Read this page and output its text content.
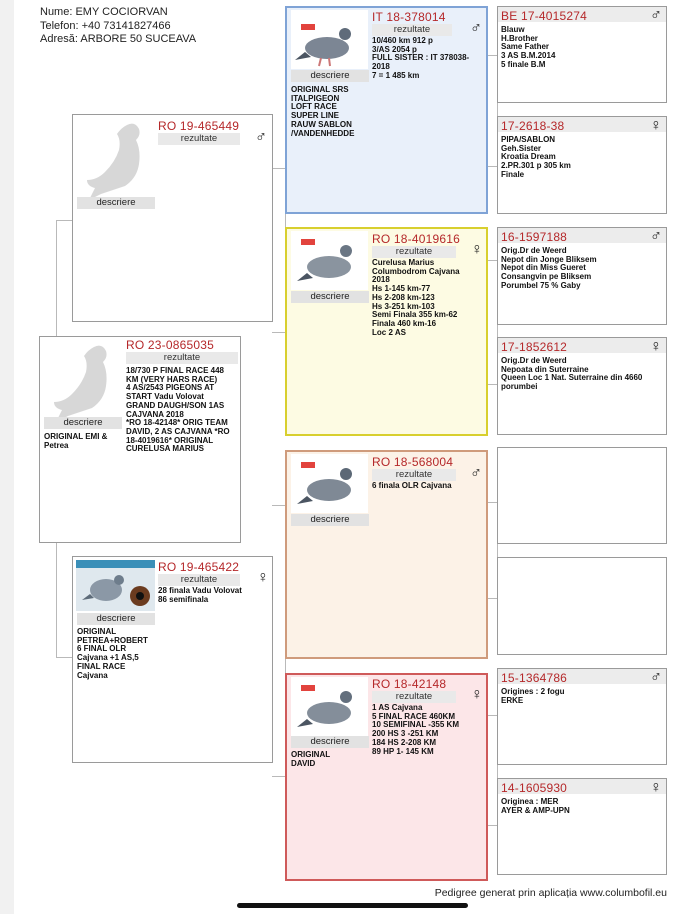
Nume: EMY COCIORVAN
Telefon: +40 73141827466
Adresă: ARBORE 50 SUCEAVA
RO 19-465449
rezultate	♂
descriere
RO 23-0865035
rezultate
18/730 P FINAL RACE 448 KM (VERY HARS RACE)
4 AS/2543 PIGEONS AT START Vadu Volovat
GRAND DAUGH/SON 1AS CAJVANA 2018
*RO 18-42148* ORIG TEAM DAVID, 2 AS CAJVANA *RO 18-4019616* ORIGINAL CURELUSA MARIUS
descriere
ORIGINAL EMI &
Petrea
RO 19-465422
rezultate	♀
28 finala Vadu Volovat
86 semifinala
descriere
ORIGINAL
PETREA+ROBERT
6 FINAL OLR
Cajvana +1 AS,5
FINAL RACE
Cajvana
IT 18-378014
rezultate	♂
10/460 km 912 p
3/AS 2054 p
FULL SISTER : IT 378038-2018
7 = 1 485 km
descriere
ORIGINAL SRS
ITALPIGEON
LOFT RACE
SUPER LINE
RAUW SABLON
/VANDENHEDDE
RO 18-4019616
rezultate	♀
Curelusa Marius
Columbodrom Cajvana
2018
Hs 1-145 km-77
Hs 2-208 km-123
Hs 3-251 km-103
Semi Finala 355 km-62
Finala 460 km-16
Loc 2 AS
descriere
RO 18-568004
rezultate	♂
6 finala OLR Cajvana
descriere
RO 18-42148
rezultate	♀
1 AS Cajvana
5 FINAL RACE 460KM
10 SEMIFINAL -355 KM
200 HS 3 -251 KM
184 HS 2-208 KM
89 HP 1- 145 KM
descriere
ORIGINAL
DAVID
BE 17-4015274	♂
Blauw
H.Brother
Same Father
3 AS B.M.2014
5 finale B.M
17-2618-38	♀
PIPA/SABLON
Geh.Sister
Kroatia Dream
2.PR.301 p 305 km
Finale
16-1597188	♂
Orig.Dr de Weerd
Nepot din Jonge Bliksem
Nepot din Miss Gueret
Consangvin pe Bliksem
Porumbel 75 % Gaby
17-1852612	♀
Orig.Dr de Weerd
Nepoata din Suterraine
Queen Loc 1 Nat. Suterraine din 4660 porumbei
15-1364786	♂
Origines : 2 fogu
ERKE
14-1605930	♀
Originea : MER
AYER & AMP-UPN
Pedigree generat prin aplicația www.columbofil.eu
